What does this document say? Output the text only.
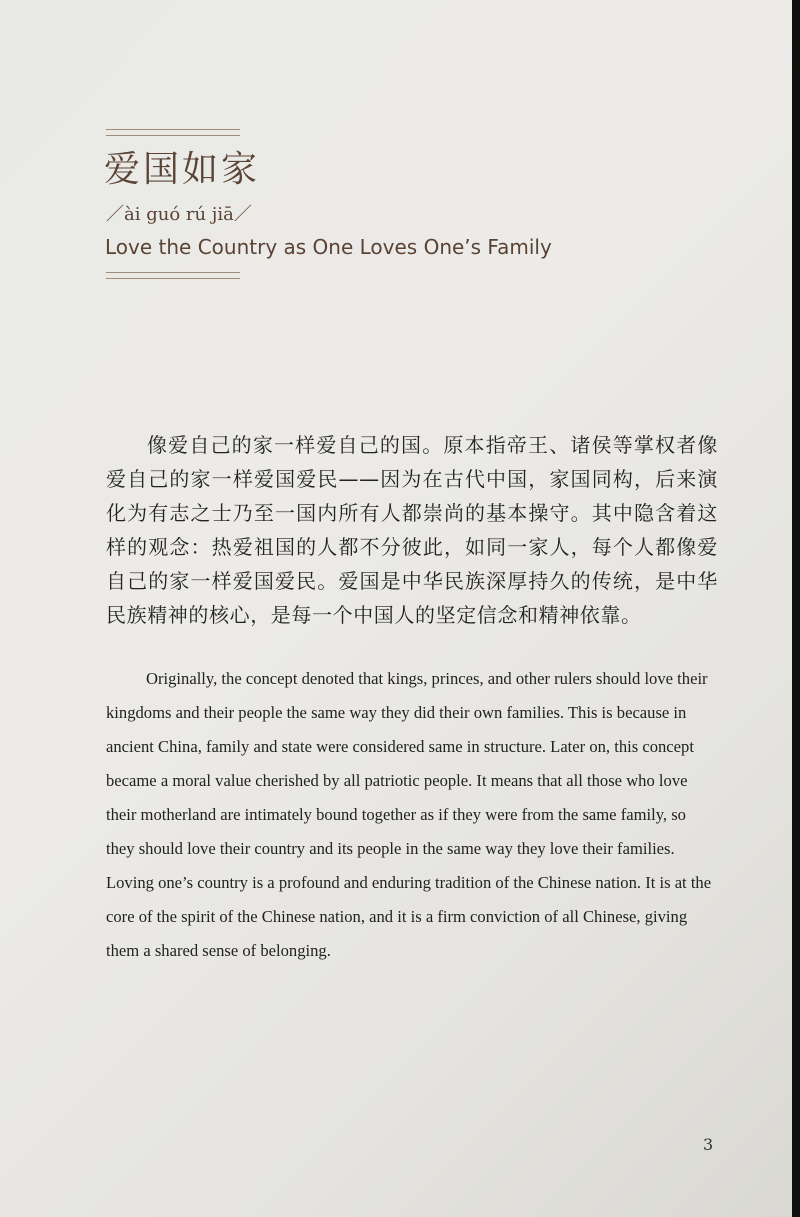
爱国如家
／ài guó rú jiā／
Love the Country as One Loves One’s Family

像爱自己的家一样爱自己的国。原本指帝王、诸侯等掌权者像爱自己的家一样爱国爱民——因为在古代中国，家国同构，后来演化为有志之士乃至一国内所有人都崇尚的基本操守。其中隐含着这样的观念：热爱祖国的人都不分彼此，如同一家人，每个人都像爱自己的家一样爱国爱民。爱国是中华民族深厚持久的传统，是中华民族精神的核心，是每一个中国人的坚定信念和精神依靠。

Originally, the concept denoted that kings, princes, and other rulers should love their kingdoms and their people the same way they did their own families. This is because in ancient China, family and state were considered same in structure. Later on, this concept became a moral value cherished by all patriotic people. It means that all those who love their motherland are intimately bound together as if they were from the same family, so they should love their country and its people in the same way they love their families. Loving one’s country is a profound and enduring tradition of the Chinese nation. It is at the core of the spirit of the Chinese nation, and it is a firm conviction of all Chinese, giving them a shared sense of belonging.

3
